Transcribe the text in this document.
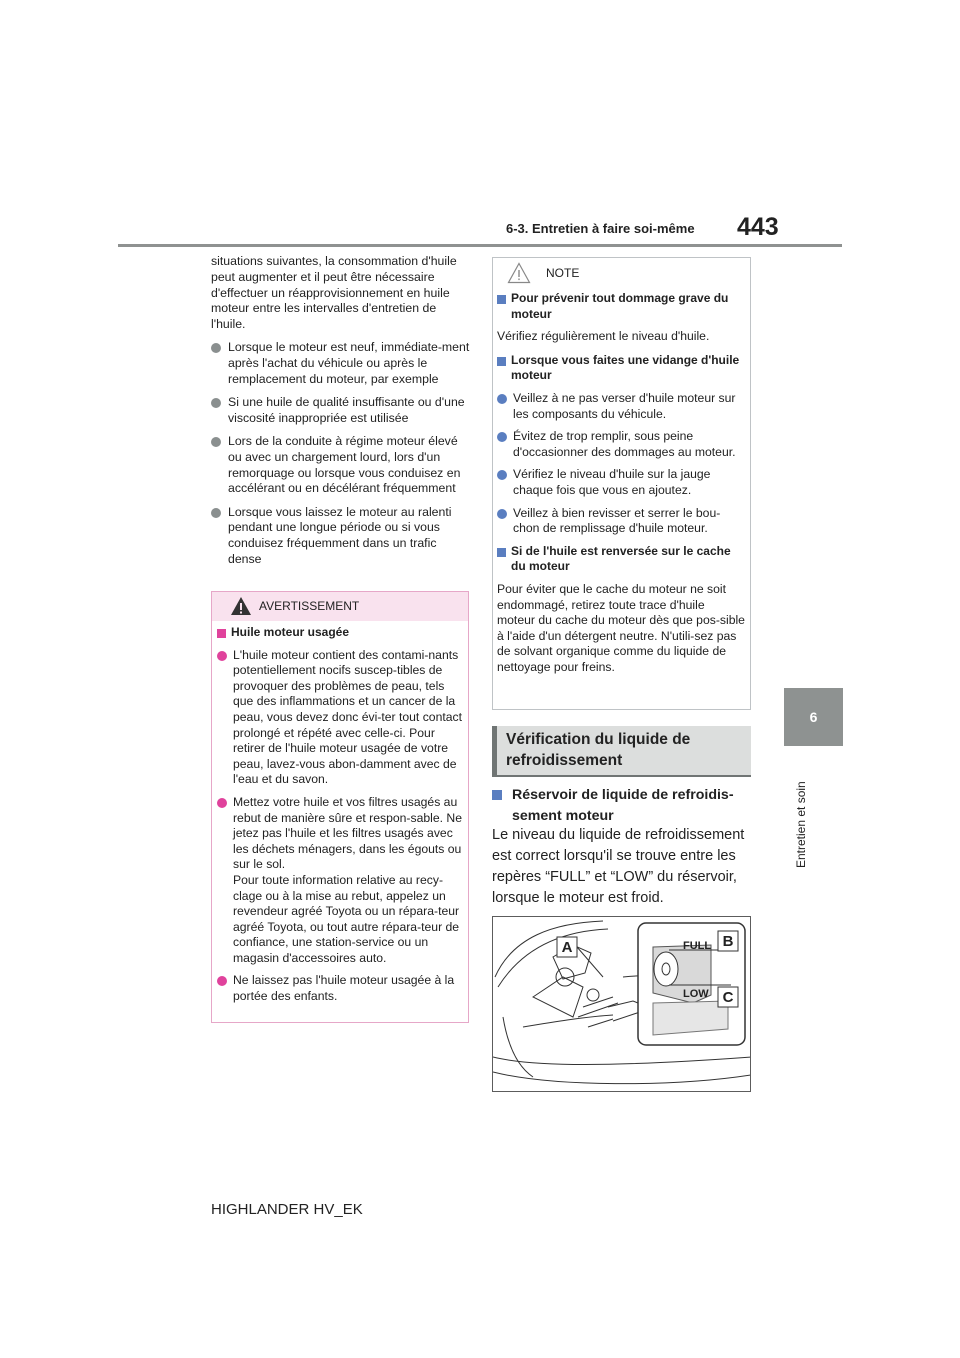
6-3. Entretien à faire soi-même 443
6
Entretien et soin
situations suivantes, la consommation d'huile peut augmenter et il peut être nécessaire d'effectuer un réapprovisionnement en huile moteur entre les intervalles d'entretien de l'huile.
Lorsque le moteur est neuf, immédiate-ment après l'achat du véhicule ou après le remplacement du moteur, par exemple
Si une huile de qualité insuffisante ou d'une viscosité inappropriée est utilisée
Lors de la conduite à régime moteur élevé ou avec un chargement lourd, lors d'un remorquage ou lorsque vous conduisez en accélérant ou en décélérant fréquemment
Lorsque vous laissez le moteur au ralenti pendant une longue période ou si vous conduisez fréquemment dans un trafic dense
AVERTISSEMENT
Huile moteur usagée
L'huile moteur contient des contami-nants potentiellement nocifs suscep-tibles de provoquer des problèmes de peau, tels que des inflammations et un cancer de la peau, vous devez donc évi-ter tout contact prolongé et répété avec celle-ci. Pour retirer de l'huile moteur usagée de votre peau, lavez-vous abon-damment avec de l'eau et du savon.
Mettez votre huile et vos filtres usagés au rebut de manière sûre et respon-sable. Ne jetez pas l'huile et les filtres usagés avec les déchets ménagers, dans les égouts ou sur le sol.
Pour toute information relative au recy-clage ou à la mise au rebut, appelez un revendeur agréé Toyota ou un répara-teur agréé Toyota, ou tout autre répara-teur de confiance, une station-service ou un magasin d'accessoires auto.
Ne laissez pas l'huile moteur usagée à la portée des enfants.
NOTE
Pour prévenir tout dommage grave du moteur
Vérifiez régulièrement le niveau d'huile.
Lorsque vous faites une vidange d'huile moteur
Veillez à ne pas verser d'huile moteur sur les composants du véhicule.
Évitez de trop remplir, sous peine d'occasionner des dommages au moteur.
Vérifiez le niveau d'huile sur la jauge chaque fois que vous en ajoutez.
Veillez à bien revisser et serrer le bou-chon de remplissage d'huile moteur.
Si de l'huile est renversée sur le cache du moteur
Pour éviter que le cache du moteur ne soit endommagé, retirez toute trace d'huile moteur du cache du moteur dès que pos-sible à l'aide d'un détergent neutre. N'utili-sez pas de solvant organique comme du liquide de nettoyage pour freins.
Vérification du liquide de refroidissement
Réservoir de liquide de refroidis-sement moteur
Le niveau du liquide de refroidissement est correct lorsqu'il se trouve entre les repères “FULL” et “LOW” du réservoir, lorsque le moteur est froid.
FULL
LOW
A	B
C
HIGHLANDER HV_EK
